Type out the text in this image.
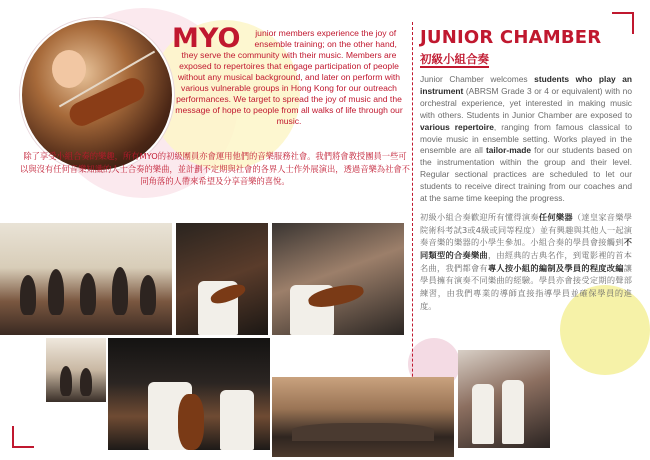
MYO	junior members experience the joy of ensemble training; on the other hand, they serve the community with their music. Members are exposed to repertoires that engage participation of people without any musical background, and later on perform with various vulnerable groups in Hong Kong for our outreach performances. We target to spread the joy of music and the message of hope to people from all walks of life through our music.

除了享受小組合奏的樂趣，所有MYO的初級團員亦會運用他們的音樂服務社會。我們將會教授團員一些可以與沒有任何音樂知識的人士合奏的樂曲，並計劃不定期與社會的各界人士作外展演出，透過音樂為社會不同角落的人帶來希望及分享音樂的喜悅。

JUNIOR CHAMBER
初級小組合奏

Junior Chamber welcomes students who play an instrument (ABRSM Grade 3 or 4 or equivalent) with no orchestral experience, yet interested in making music with others. Students in Junior Chamber are exposed to various repertoire, ranging from famous classical to movie music in ensemble setting. Works played in the ensemble are all tailor-made for our students based on the instrumentation within the group and their level. Regular sectional practices are scheduled to let our students to receive direct training from our coaches and at the same time keeping the progress.

初級小組合奏歡迎所有懂得演奏任何樂器（達皇家音樂學院術科考試3或4級或同等程度）並有興趣與其他人一起演奏音樂的樂器的小學生參加。小組合奏的學員會接觸到不同類型的合奏樂曲，由經典的古典名作，到電影裡的首本名曲，我們都會有專人按小組的編制及學員的程度改編讓學員擁有演奏不同樂曲的經驗。學員亦會接受定期的聲部練習，由我們專業的導師直接指導學員並確保學員的進度。
